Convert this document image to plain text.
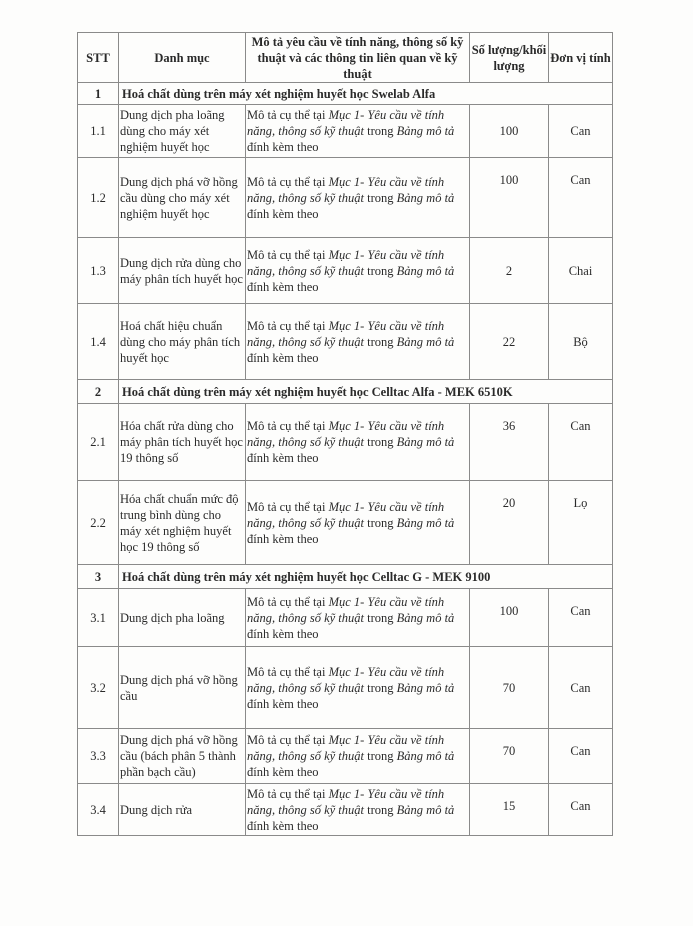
STT	Danh mục	Mô tả yêu cầu về tính năng, thông số kỹ thuật và các thông tin liên quan về kỹ thuật	Số lượng/khối lượng	Đơn vị tính
1	Hoá chất dùng trên máy xét nghiệm huyết học Swelab Alfa			
1.1	Dung dịch pha loãng dùng cho máy xét nghiệm huyết học	Mô tả cụ thể tại Mục 1- Yêu cầu về tính năng, thông số kỹ thuật trong Bảng mô tả đính kèm theo	100	Can
1.2	Dung dịch phá vỡ hồng cầu dùng cho máy xét nghiệm huyết học	Mô tả cụ thể tại Mục 1- Yêu cầu về tính năng, thông số kỹ thuật trong Bảng mô tả đính kèm theo	100	Can
1.3	Dung dịch rửa dùng cho máy phân tích huyết học	Mô tả cụ thể tại Mục 1- Yêu cầu về tính năng, thông số kỹ thuật trong Bảng mô tả đính kèm theo	2	Chai
1.4	Hoá chất hiệu chuẩn dùng cho máy phân tích huyết học	Mô tả cụ thể tại Mục 1- Yêu cầu về tính năng, thông số kỹ thuật trong Bảng mô tả đính kèm theo	22	Bộ
2	Hoá chất dùng trên máy xét nghiệm huyết học Celltac Alfa - MEK 6510K			
2.1	Hóa chất rửa dùng cho máy phân tích huyết học 19 thông số	Mô tả cụ thể tại Mục 1- Yêu cầu về tính năng, thông số kỹ thuật trong Bảng mô tả đính kèm theo	36	Can
2.2	Hóa chất chuẩn mức độ trung bình dùng cho máy xét nghiệm huyết học 19 thông số	Mô tả cụ thể tại Mục 1- Yêu cầu về tính năng, thông số kỹ thuật trong Bảng mô tả đính kèm theo	20	Lọ
3	Hoá chất dùng trên máy xét nghiệm huyết học Celltac G - MEK 9100			
3.1	Dung dịch pha loãng	Mô tả cụ thể tại Mục 1- Yêu cầu về tính năng, thông số kỹ thuật trong Bảng mô tả đính kèm theo	100	Can
3.2	Dung dịch phá vỡ hồng cầu	Mô tả cụ thể tại Mục 1- Yêu cầu về tính năng, thông số kỹ thuật trong Bảng mô tả đính kèm theo	70	Can
3.3	Dung dịch phá vỡ hồng cầu (bách phân 5 thành phần bạch cầu)	Mô tả cụ thể tại Mục 1- Yêu cầu về tính năng, thông số kỹ thuật trong Bảng mô tả đính kèm theo	70	Can
3.4	Dung dịch rửa	Mô tả cụ thể tại Mục 1- Yêu cầu về tính năng, thông số kỹ thuật trong Bảng mô tả đính kèm theo	15	Can
